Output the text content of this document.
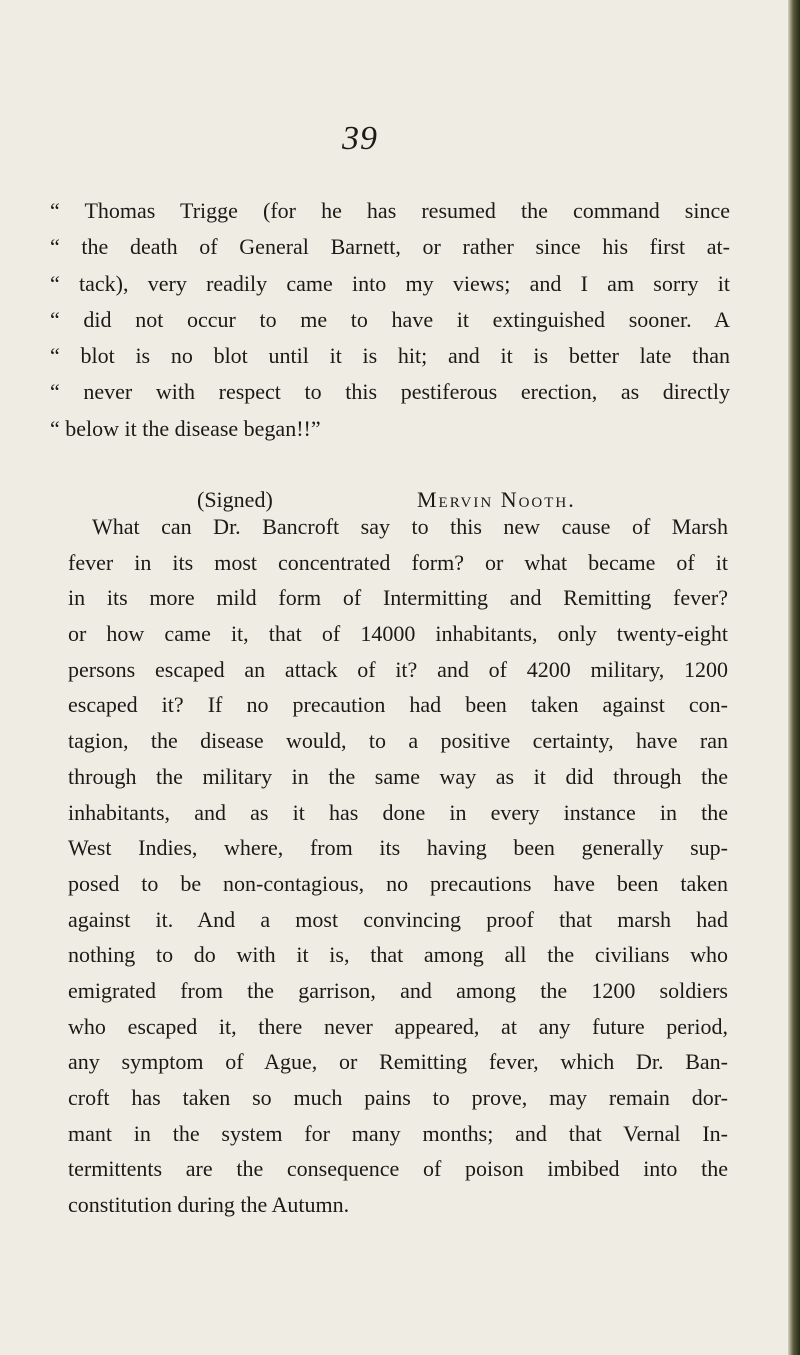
39
“ Thomas Trigge (for he has resumed the command since
“ the death of General Barnett, or rather since his first at-
“ tack), very readily came into my views; and I am sorry it
“ did not occur to me to have it extinguished sooner. A
“ blot is no blot until it is hit; and it is better late than
“ never with respect to this pestiferous erection, as directly
“ below it the disease began!!”
(Signed)	Mervin Nooth.
What can Dr. Bancroft say to this new cause of Marsh
fever in its most concentrated form? or what became of it
in its more mild form of Intermitting and Remitting fever?
or how came it, that of 14000 inhabitants, only twenty-eight
persons escaped an attack of it? and of 4200 military, 1200
escaped it? If no precaution had been taken against con-
tagion, the disease would, to a positive certainty, have ran
through the military in the same way as it did through the
inhabitants, and as it has done in every instance in the
West Indies, where, from its having been generally sup-
posed to be non-contagious, no precautions have been taken
against it. And a most convincing proof that marsh had
nothing to do with it is, that among all the civilians who
emigrated from the garrison, and among the 1200 soldiers
who escaped it, there never appeared, at any future period,
any symptom of Ague, or Remitting fever, which Dr. Ban-
croft has taken so much pains to prove, may remain dor-
mant in the system for many months; and that Vernal In-
termittents are the consequence of poison imbibed into the
constitution during the Autumn.
